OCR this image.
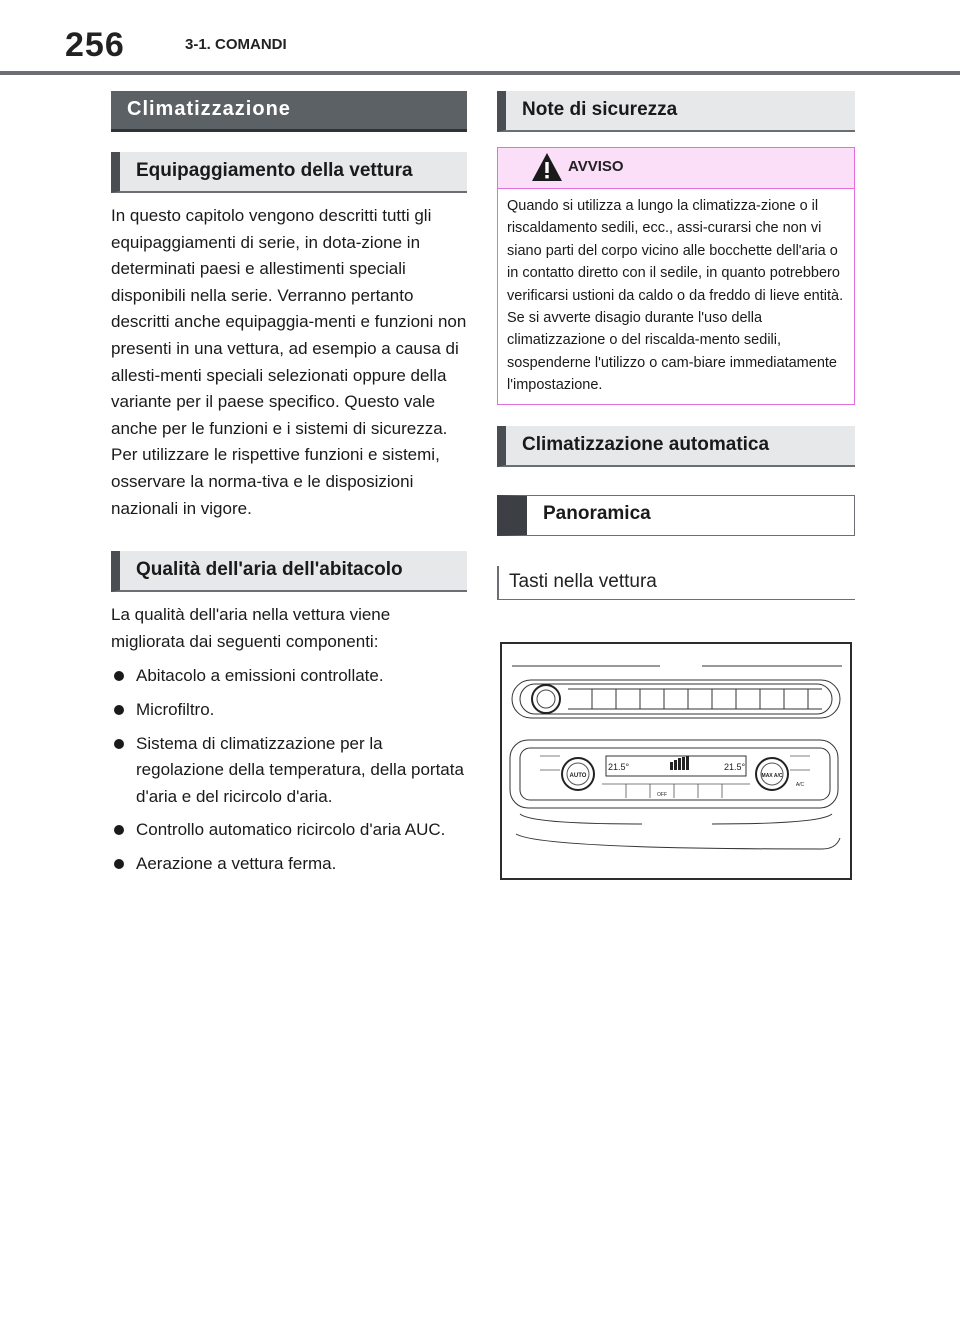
256	3-1. COMANDI
Climatizzazione
Equipaggiamento della vettura
In questo capitolo vengono descritti tutti gli equipaggiamenti di serie, in dota-zione in determinati paesi e allestimenti speciali disponibili nella serie. Verranno pertanto descritti anche equipaggia-menti e funzioni non presenti in una vettura, ad esempio a causa di allesti-menti speciali selezionati oppure della variante per il paese specifico. Questo vale anche per le funzioni e i sistemi di sicurezza. Per utilizzare le rispettive funzioni e sistemi, osservare la norma-tiva e le disposizioni nazionali in vigore.
Qualità dell'aria dell'abitacolo
La qualità dell'aria nella vettura viene migliorata dai seguenti componenti:
Abitacolo a emissioni controllate.
Microfiltro.
Sistema di climatizzazione per la regolazione della temperatura, della portata d'aria e del ricircolo d'aria.
Controllo automatico ricircolo d'aria AUC.
Aerazione a vettura ferma.
Note di sicurezza
AVVISO
Quando si utilizza a lungo la climatizza-zione o il riscaldamento sedili, ecc., assi-curarsi che non vi siano parti del corpo vicino alle bocchette dell'aria o in contatto diretto con il sedile, in quanto potrebbero verificarsi ustioni da caldo o da freddo di lieve entità. Se si avverte disagio durante l'uso della climatizzazione o del riscalda-mento sedili, sospenderne l'utilizzo o cam-biare immediatamente l'impostazione.
Climatizzazione automatica
Panoramica
Tasti nella vettura
21.5°	21.5°
AUTO	MAX A/C
OFF
A/C
